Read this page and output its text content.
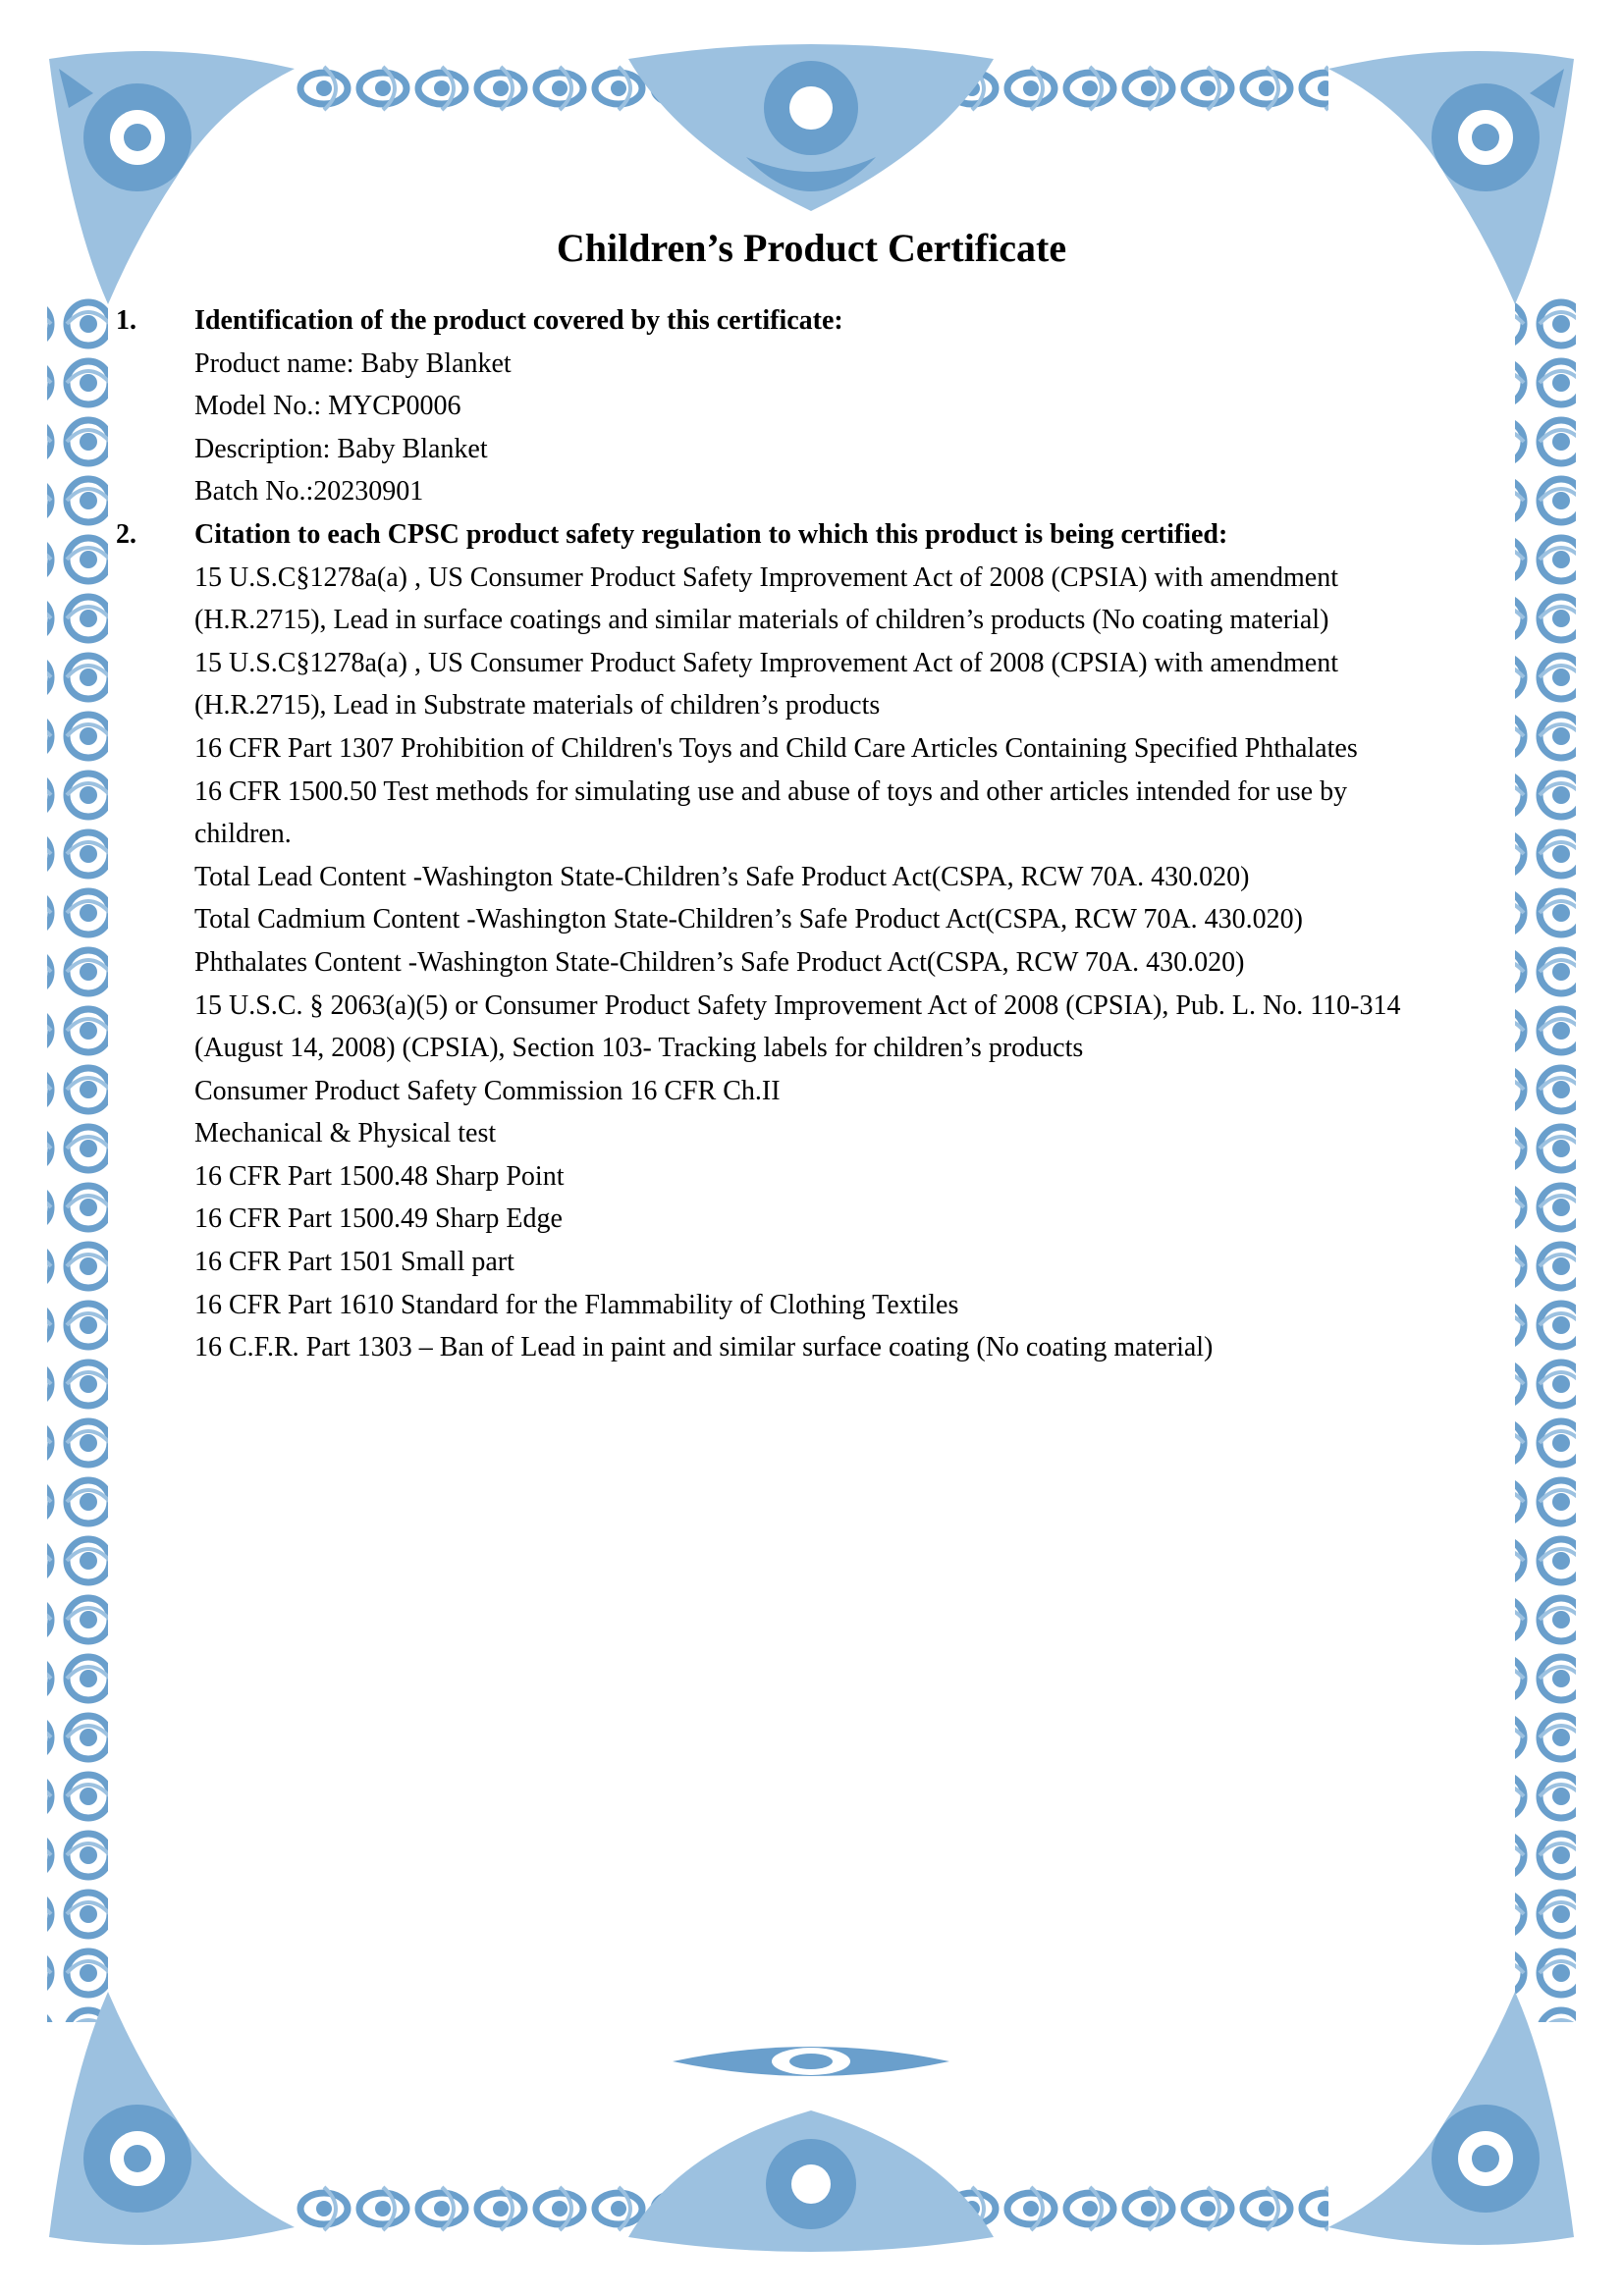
Children’s Product Certificate
1. Identification of the product covered by this certificate:
Product name: Baby Blanket
Model No.: MYCP0006
Description: Baby Blanket
Batch No.:20230901
2. Citation to each CPSC product safety regulation to which this product is being certified:
15 U.S.C§1278a(a) , US Consumer Product Safety Improvement Act of 2008 (CPSIA) with amendment
(H.R.2715), Lead in surface coatings and similar materials of children’s products (No coating material)
15 U.S.C§1278a(a) , US Consumer Product Safety Improvement Act of 2008 (CPSIA) with amendment
(H.R.2715), Lead in Substrate materials of children’s products
16 CFR Part 1307 Prohibition of Children's Toys and Child Care Articles Containing Specified Phthalates
16 CFR 1500.50 Test methods for simulating use and abuse of toys and other articles intended for use by
children.
Total Lead Content -Washington State-Children’s Safe Product Act(CSPA, RCW 70A. 430.020)
Total Cadmium Content -Washington State-Children’s Safe Product Act(CSPA, RCW 70A. 430.020)
Phthalates Content -Washington State-Children’s Safe Product Act(CSPA, RCW 70A. 430.020)
15 U.S.C. § 2063(a)(5) or Consumer Product Safety Improvement Act of 2008 (CPSIA), Pub. L. No. 110-314
(August 14, 2008) (CPSIA), Section 103- Tracking labels for children’s products
Consumer Product Safety Commission 16 CFR Ch.II
Mechanical & Physical test
16 CFR Part 1500.48 Sharp Point
16 CFR Part 1500.49 Sharp Edge
16 CFR Part 1501 Small part
16 CFR Part 1610 Standard for the Flammability of Clothing Textiles
16 C.F.R. Part 1303 – Ban of Lead in paint and similar surface coating (No coating material)
